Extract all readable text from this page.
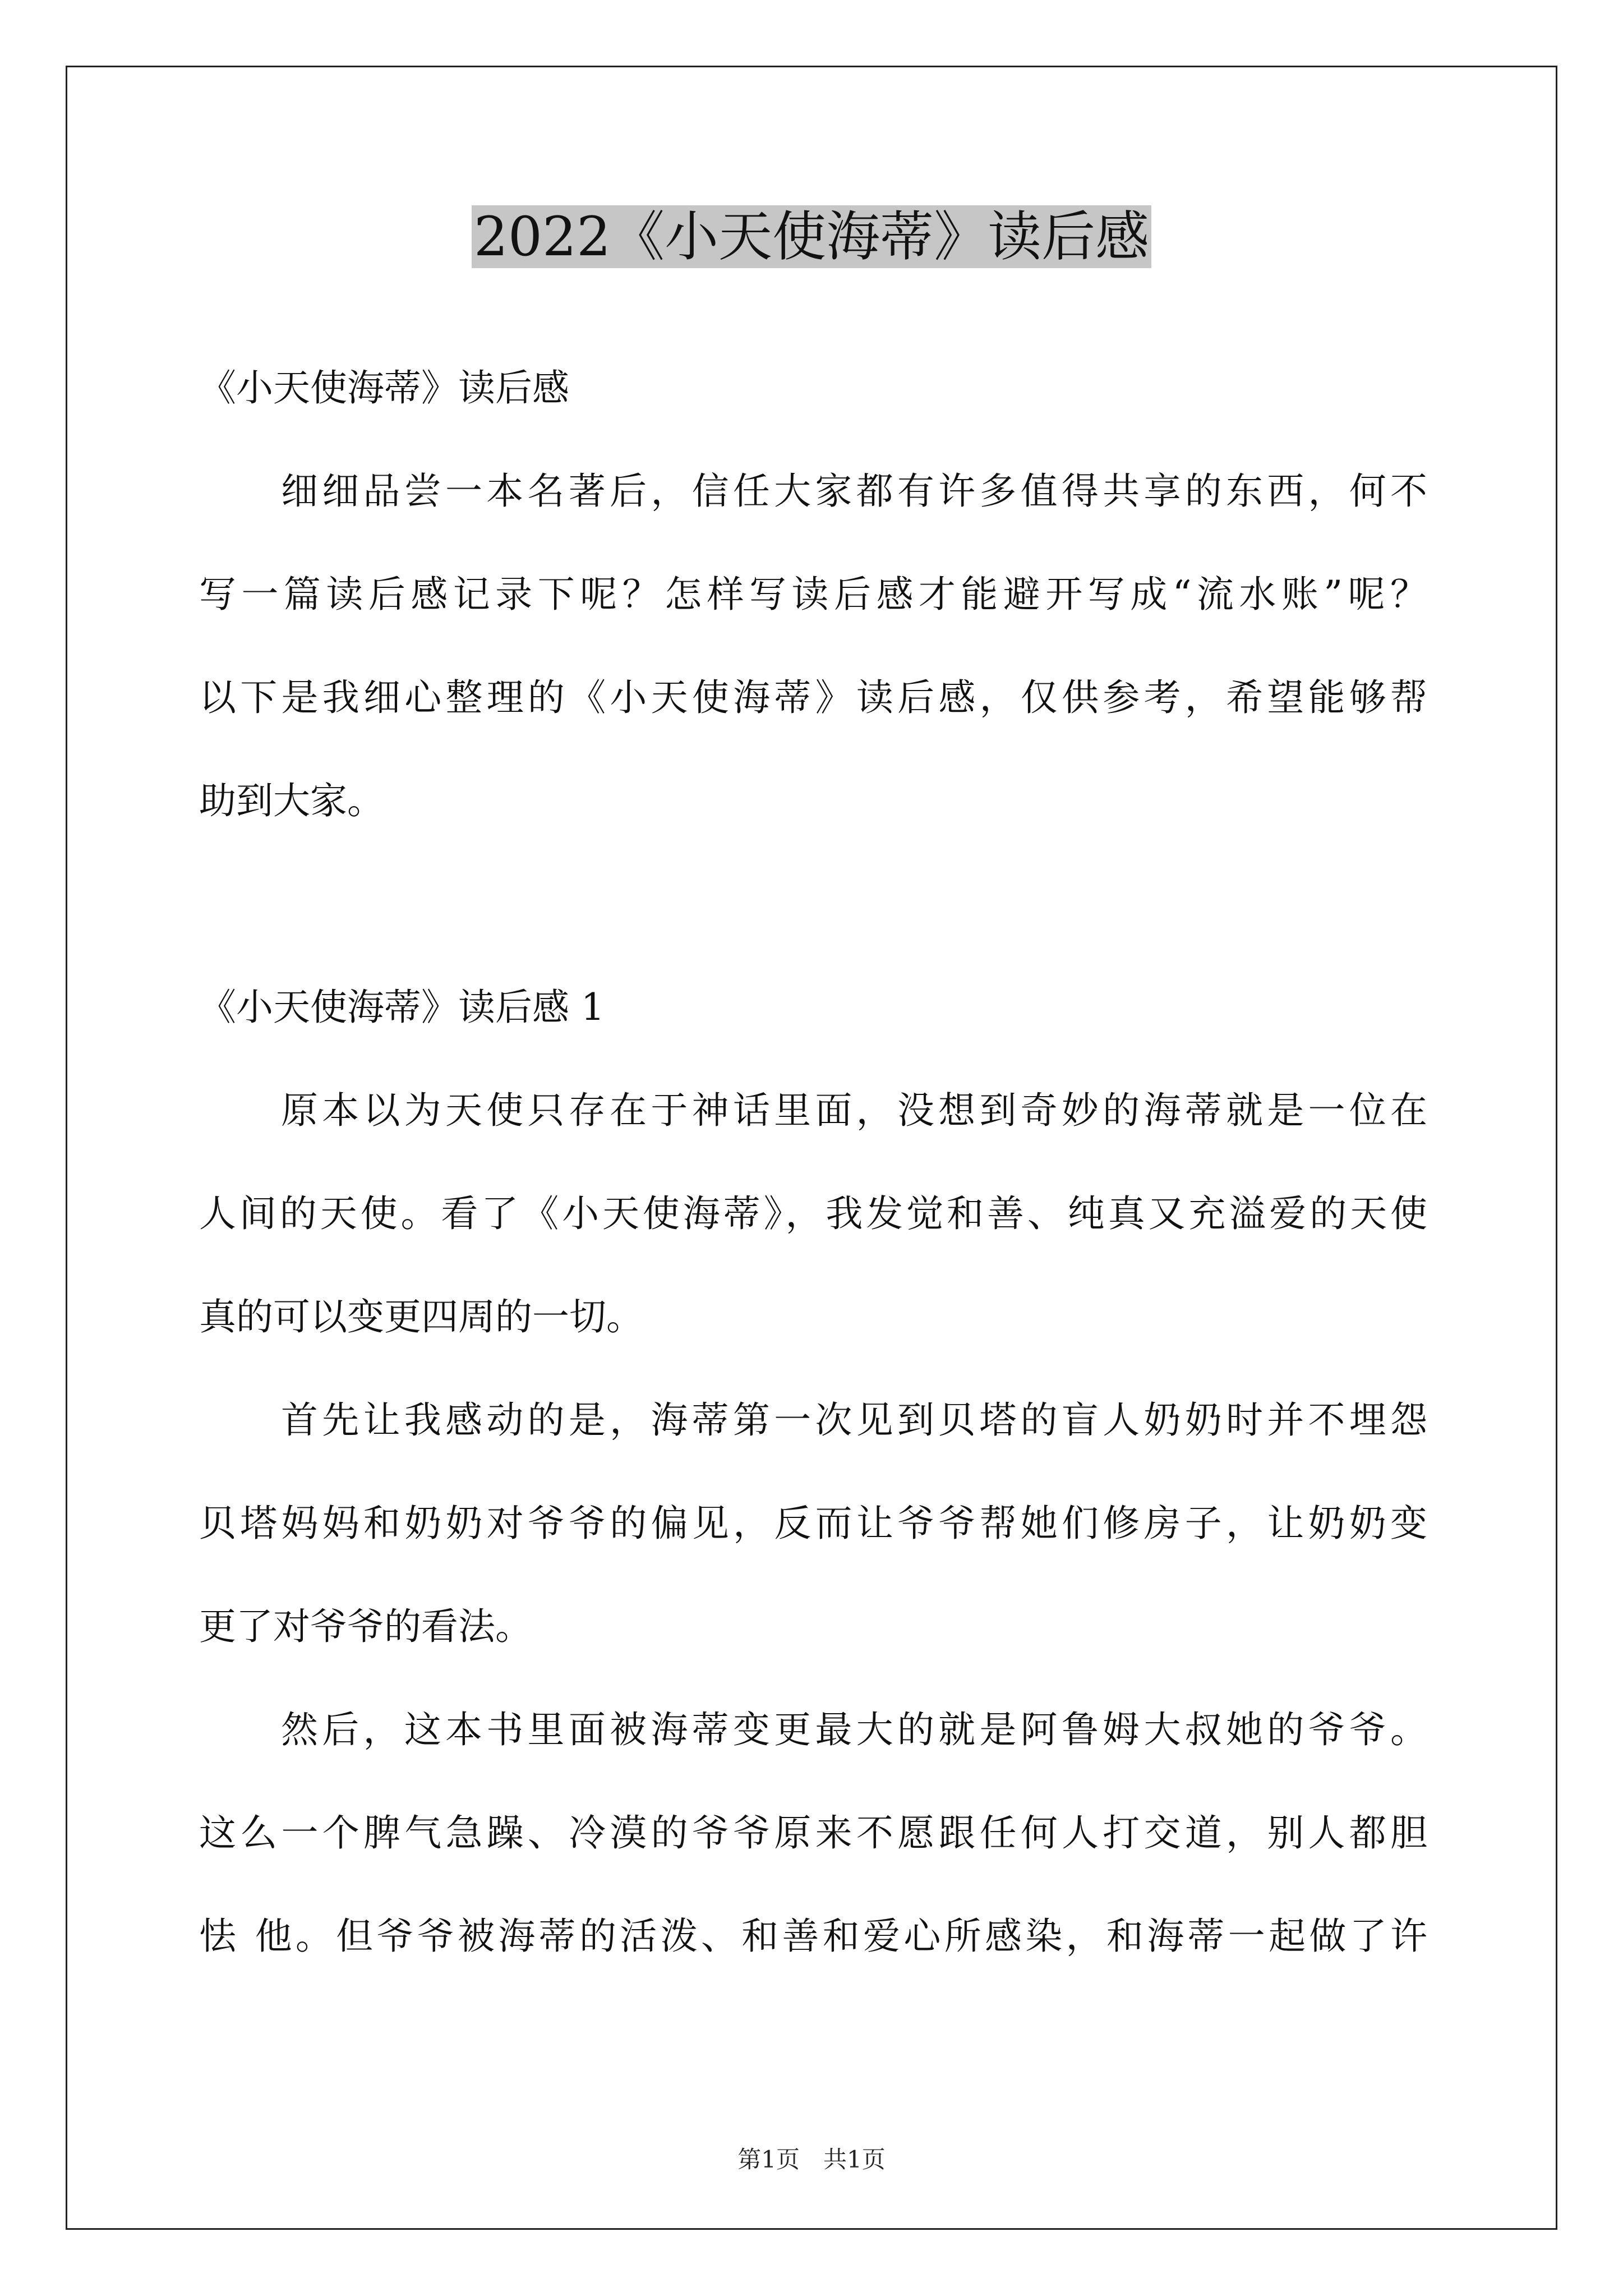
2022《小天使海蒂》读后感
《小天使海蒂》读后感
细细品尝一本名著后，信任大家都有许多值得共享的东西，何不
写一篇读后感记录下呢？怎样写读后感才能避开写成“流水账”呢？
以下是我细心整理的《小天使海蒂》读后感，仅供参考，希望能够帮
助到大家。
《小天使海蒂》读后感 1
原本以为天使只存在于神话里面，没想到奇妙的海蒂就是一位在
人间的天使。看了《小天使海蒂》，我发觉和善、纯真又充溢爱的天使
真的可以变更四周的一切。
首先让我感动的是，海蒂第一次见到贝塔的盲人奶奶时并不埋怨
贝塔妈妈和奶奶对爷爷的偏见，反而让爷爷帮她们修房子，让奶奶变
更了对爷爷的看法。
然后，这本书里面被海蒂变更最大的就是阿鲁姆大叔她的爷爷。
这么一个脾气急躁、冷漠的爷爷原来不愿跟任何人打交道，别人都胆
怯 他。但爷爷被海蒂的活泼、和善和爱心所感染，和海蒂一起做了许
第1页　共1页
